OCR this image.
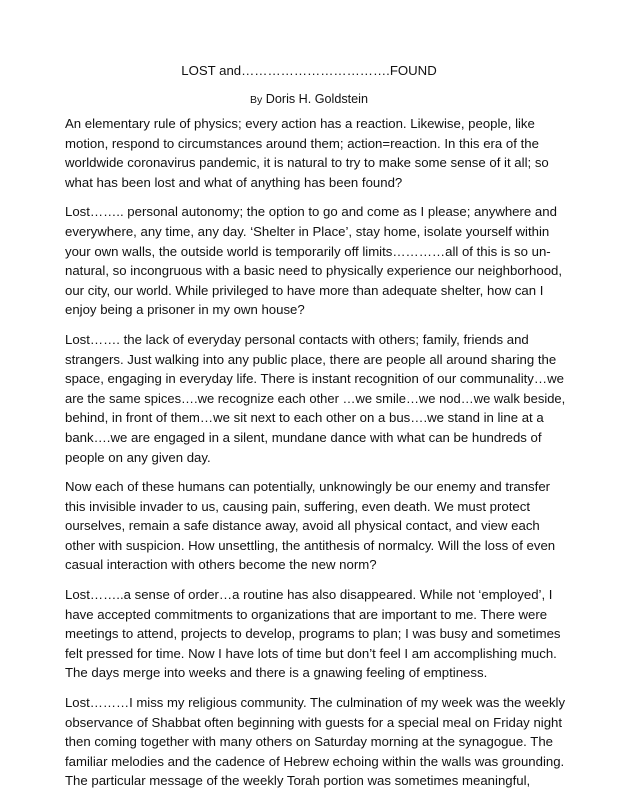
LOST and…………………………….FOUND
By Doris H. Goldstein
An elementary rule of physics; every action has a reaction. Likewise, people, like
motion, respond to circumstances around them; action=reaction. In this era of the
worldwide coronavirus pandemic, it is natural to try to make some sense of it all; so
what has been lost and what of anything has been found?
Lost…….. personal autonomy; the option to go and come as I please; anywhere and
everywhere, any time, any day. ‘Shelter in Place’, stay home, isolate yourself within
your own walls, the outside world is temporarily off limits…………all of this is so un-
natural, so incongruous with a basic need to physically experience our neighborhood,
our city, our world. While privileged to have more than adequate shelter, how can I
enjoy being a prisoner in my own house?
Lost……. the lack of everyday personal contacts with others; family, friends and
strangers. Just walking into any public place, there are people all around sharing the
space, engaging in everyday life. There is instant recognition of our communality…we
are the same spices….we recognize each other …we smile…we nod…we walk beside,
behind, in front of them…we sit next to each other on a bus….we stand in line at a
bank….we are engaged in a silent, mundane dance with what can be hundreds of
people on any given day.
Now each of these humans can potentially, unknowingly be our enemy and transfer
this invisible invader to us, causing pain, suffering, even death. We must protect
ourselves, remain a safe distance away, avoid all physical contact, and view each
other with suspicion. How unsettling, the antithesis of normalcy. Will the loss of even
casual interaction with others become the new norm?
Lost……..a sense of order…a routine has also disappeared. While not ‘employed’, I
have accepted commitments to organizations that are important to me. There were
meetings to attend, projects to develop, programs to plan; I was busy and sometimes
felt pressed for time. Now I have lots of time but don’t feel I am accomplishing much.
The days merge into weeks and there is a gnawing feeling of emptiness.
Lost………I miss my religious community. The culmination of my week was the weekly
observance of Shabbat often beginning with guests for a special meal on Friday night
then coming together with many others on Saturday morning at the synagogue. The
familiar melodies and the cadence of Hebrew echoing within the walls was grounding.
The particular message of the weekly Torah portion was sometimes meaningful,
